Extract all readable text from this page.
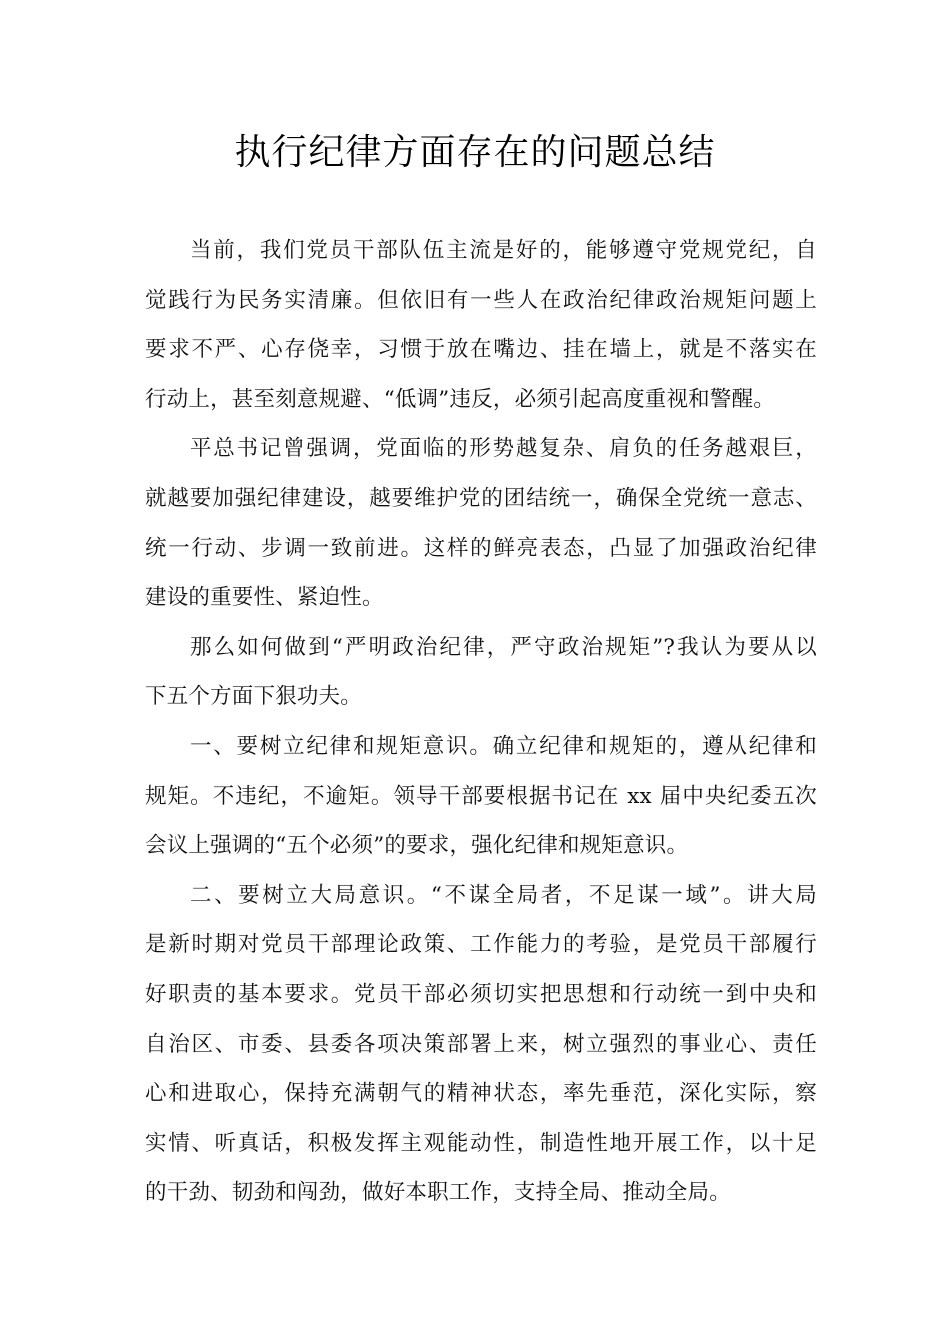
执行纪律方面存在的问题总结
当前，我们党员干部队伍主流是好的，能够遵守党规党纪，自
觉践行为民务实清廉。但依旧有一些人在政治纪律政治规矩问题上
要求不严、心存侥幸，习惯于放在嘴边、挂在墙上，就是不落实在
行动上，甚至刻意规避、“低调”违反，必须引起高度重视和警醒。
平总书记曾强调，党面临的形势越复杂、肩负的任务越艰巨，
就越要加强纪律建设，越要维护党的团结统一，确保全党统一意志、
统一行动、步调一致前进。这样的鲜亮表态，凸显了加强政治纪律
建设的重要性、紧迫性。
那么如何做到“严明政治纪律，严守政治规矩”?我认为要从以
下五个方面下狠功夫。
一、要树立纪律和规矩意识。确立纪律和规矩的，遵从纪律和
规矩。不违纪，不逾矩。领导干部要根据书记在 xx 届中央纪委五次
会议上强调的“五个必须”的要求，强化纪律和规矩意识。
二、要树立大局意识。“不谋全局者，不足谋一域”。讲大局
是新时期对党员干部理论政策、工作能力的考验，是党员干部履行
好职责的基本要求。党员干部必须切实把思想和行动统一到中央和
自治区、市委、县委各项决策部署上来，树立强烈的事业心、责任
心和进取心，保持充满朝气的精神状态，率先垂范，深化实际，察
实情、听真话，积极发挥主观能动性，制造性地开展工作，以十足
的干劲、韧劲和闯劲，做好本职工作，支持全局、推动全局。
